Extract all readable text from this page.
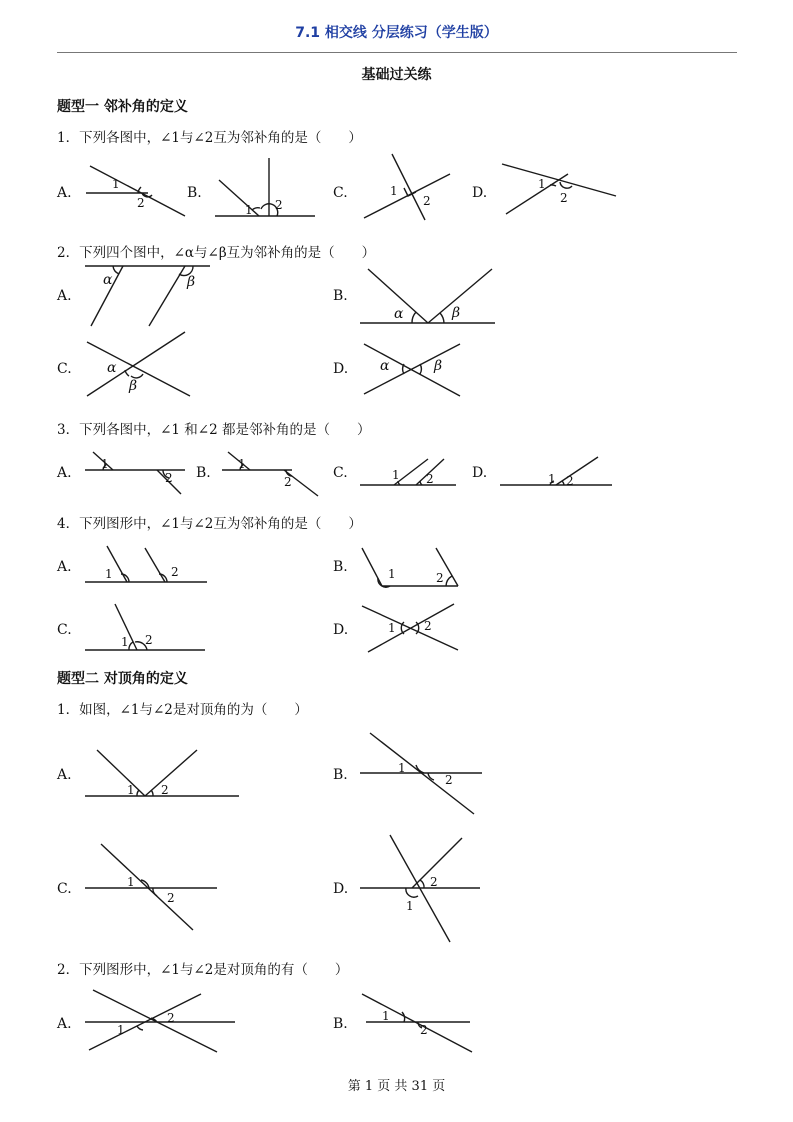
7.1 相交线 分层练习（学生版）
基础过关练
题型一 邻补角的定义
1．下列各图中，∠1与∠2互为邻补角的是（　　）
A.
1
2
B.
1 2
C.	1
2	D.
1
2
2．下列四个图中，∠α与∠β互为邻补角的是（　　）
A.
α	β
B.
α	β
C.	α
β
D. α	β
3．下列各图中，∠1 和∠2 都是邻补角的是（　　）
A.
1
2 B.
1
2
C.	1 2	D.	1 2
4．下列图形中，∠1与∠2互为邻补角的是（　　）
A.	1	2	B.	1	2
C.
1 2
D.	1 2
题型二 对顶角的定义
1．如图，∠1与∠2是对顶角的为（　　）
A.
1 2
B.	1
2
C.	1
2
D.
1
2
2．下列图形中，∠1与∠2是对顶角的有（　　）
A.	1
2	B.	1
2
第 1 页 共 31 页
